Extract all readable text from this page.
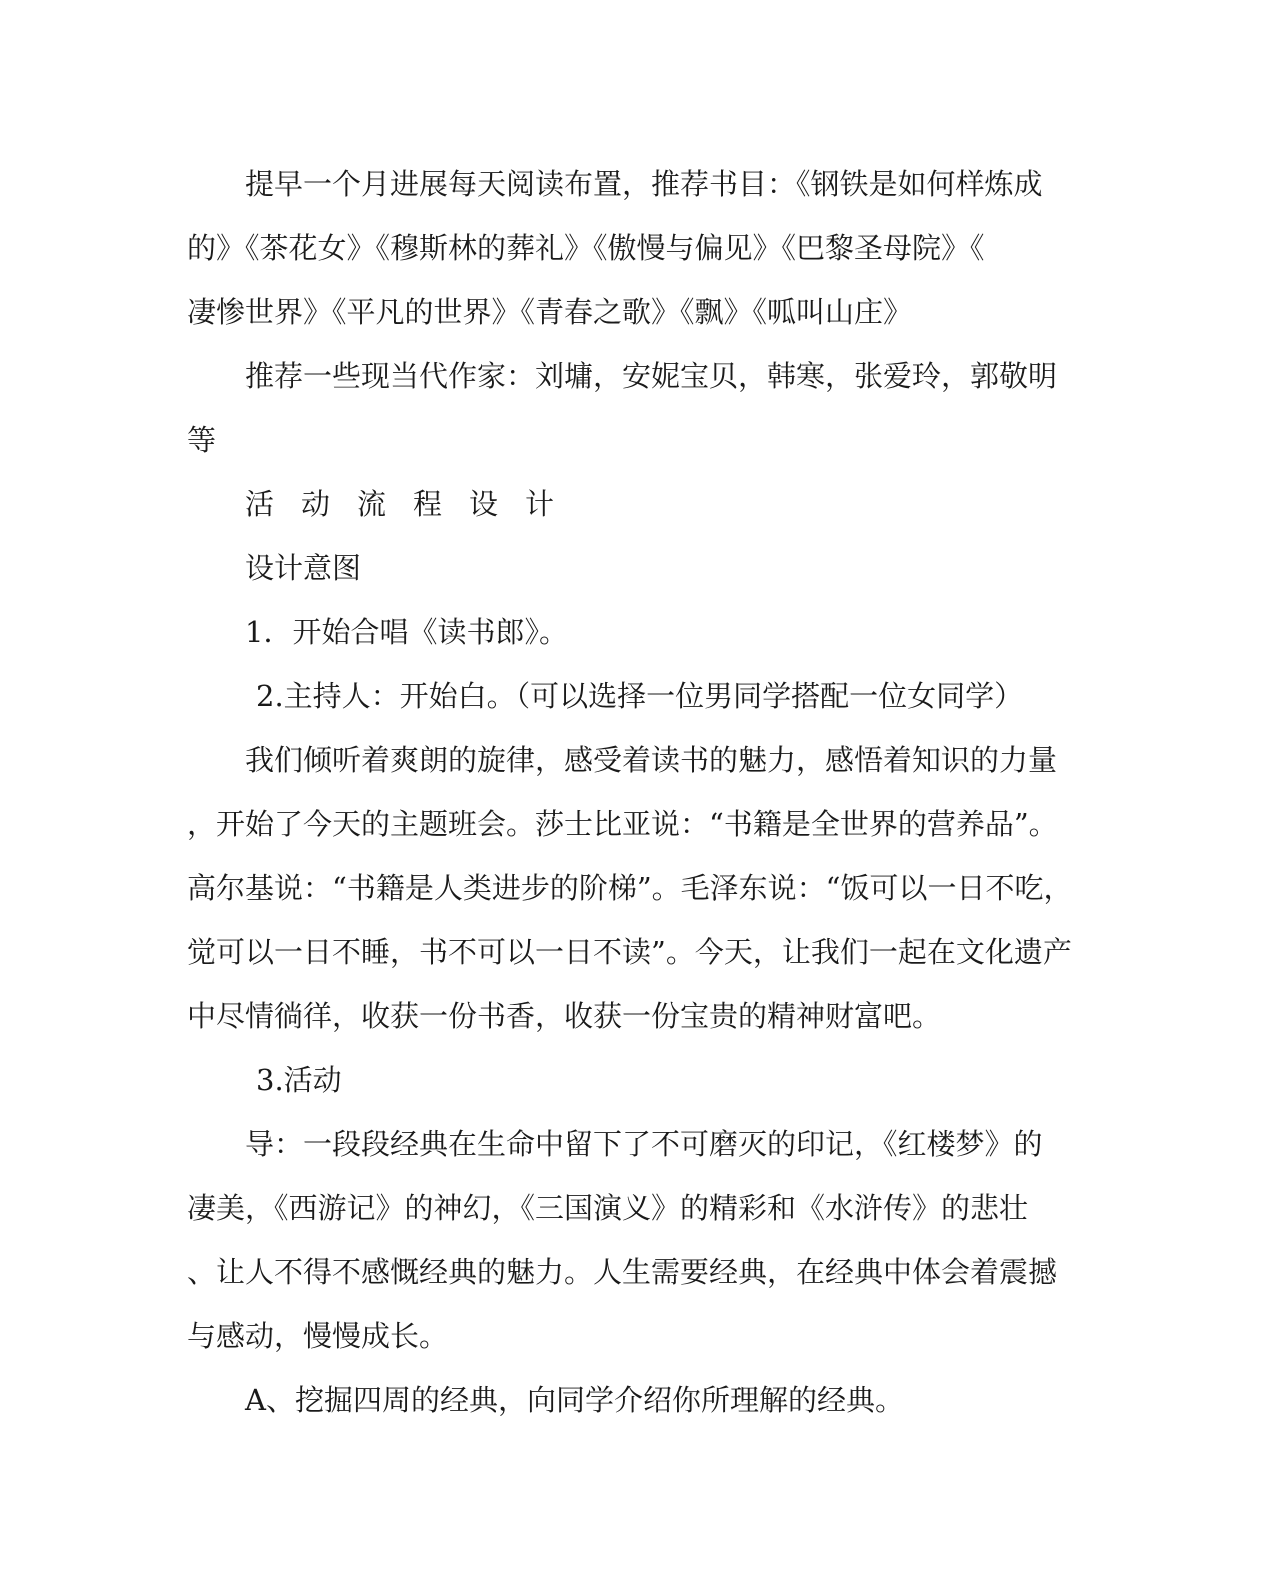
提早一个月进展每天阅读布置，推荐书目：《钢铁是如何样炼成
的》《茶花女》《穆斯林的葬礼》《傲慢与偏见》《巴黎圣母院》《
凄惨世界》《平凡的世界》《青春之歌》《飘》《呱叫山庄》
推荐一些现当代作家：刘墉，安妮宝贝，韩寒，张爱玲，郭敬明
等
活动流程设计
设计意图
1．开始合唱《读书郎》。
2.主持人：开始白。（可以选择一位男同学搭配一位女同学）
我们倾听着爽朗的旋律，感受着读书的魅力，感悟着知识的力量
，开始了今天的主题班会。莎士比亚说：“书籍是全世界的营养品”。
高尔基说：“书籍是人类进步的阶梯”。毛泽东说：“饭可以一日不吃，
觉可以一日不睡，书不可以一日不读”。今天，让我们一起在文化遗产
中尽情徜徉，收获一份书香，收获一份宝贵的精神财富吧。
3.活动
导：一段段经典在生命中留下了不可磨灭的印记，《红楼梦》的
凄美，《西游记》的神幻，《三国演义》的精彩和《水浒传》的悲壮
、让人不得不感慨经典的魅力。人生需要经典，在经典中体会着震撼
与感动，慢慢成长。
A、挖掘四周的经典，向同学介绍你所理解的经典。
